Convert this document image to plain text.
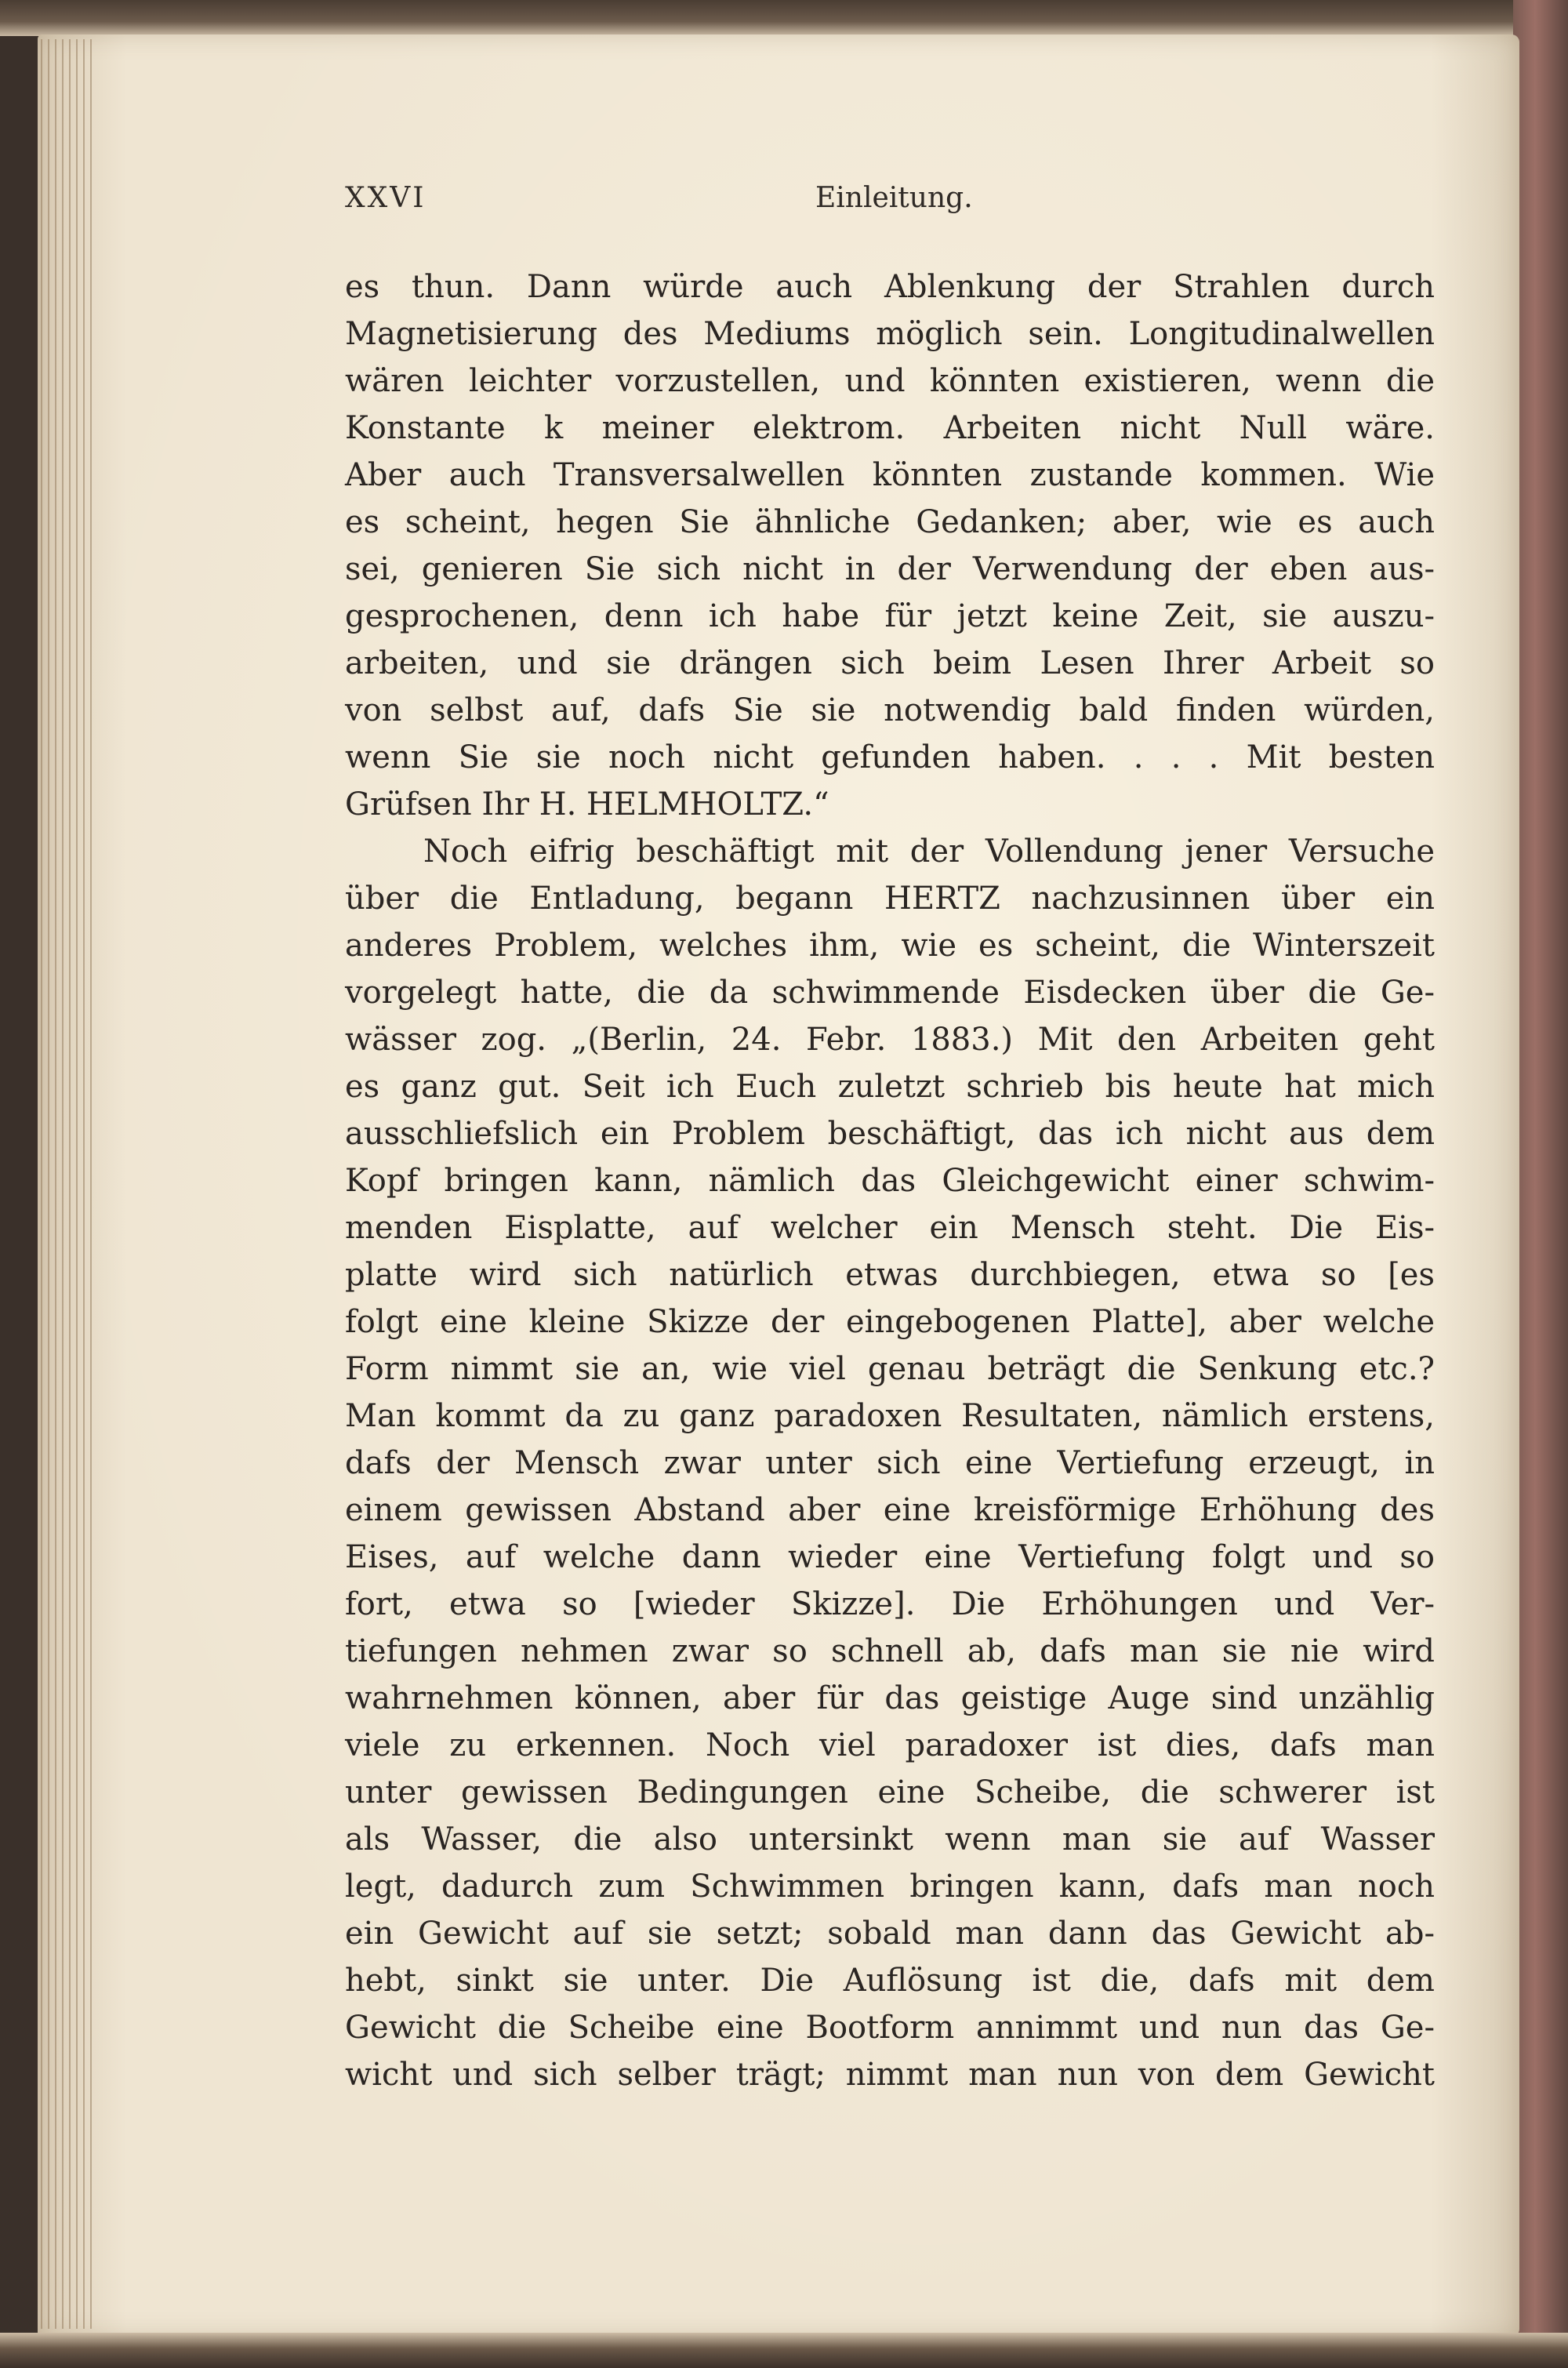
XXVI	Einleitung.
es thun. Dann würde auch Ablenkung der Strahlen durch
Magnetisierung des Mediums möglich sein. Longitudinalwellen
wären leichter vorzustellen, und könnten existieren, wenn die
Konstante k meiner elektrom. Arbeiten nicht Null wäre.
Aber auch Transversalwellen könnten zustande kommen. Wie
es scheint, hegen Sie ähnliche Gedanken; aber, wie es auch
sei, genieren Sie sich nicht in der Verwendung der eben aus-
gesprochenen, denn ich habe für jetzt keine Zeit, sie auszu-
arbeiten, und sie drängen sich beim Lesen Ihrer Arbeit so
von selbst auf, dafs Sie sie notwendig bald finden würden,
wenn Sie sie noch nicht gefunden haben. . . . Mit besten
Grüfsen Ihr H. HELMHOLTZ.“
Noch eifrig beschäftigt mit der Vollendung jener Versuche
über die Entladung, begann HERTZ nachzusinnen über ein
anderes Problem, welches ihm, wie es scheint, die Winterszeit
vorgelegt hatte, die da schwimmende Eisdecken über die Ge-
wässer zog. „(Berlin, 24. Febr. 1883.) Mit den Arbeiten geht
es ganz gut. Seit ich Euch zuletzt schrieb bis heute hat mich
ausschliefslich ein Problem beschäftigt, das ich nicht aus dem
Kopf bringen kann, nämlich das Gleichgewicht einer schwim-
menden Eisplatte, auf welcher ein Mensch steht. Die Eis-
platte wird sich natürlich etwas durchbiegen, etwa so [es
folgt eine kleine Skizze der eingebogenen Platte], aber welche
Form nimmt sie an, wie viel genau beträgt die Senkung etc.?
Man kommt da zu ganz paradoxen Resultaten, nämlich erstens,
dafs der Mensch zwar unter sich eine Vertiefung erzeugt, in
einem gewissen Abstand aber eine kreisförmige Erhöhung des
Eises, auf welche dann wieder eine Vertiefung folgt und so
fort, etwa so [wieder Skizze]. Die Erhöhungen und Ver-
tiefungen nehmen zwar so schnell ab, dafs man sie nie wird
wahrnehmen können, aber für das geistige Auge sind unzählig
viele zu erkennen. Noch viel paradoxer ist dies, dafs man
unter gewissen Bedingungen eine Scheibe, die schwerer ist
als Wasser, die also untersinkt wenn man sie auf Wasser
legt, dadurch zum Schwimmen bringen kann, dafs man noch
ein Gewicht auf sie setzt; sobald man dann das Gewicht ab-
hebt, sinkt sie unter. Die Auflösung ist die, dafs mit dem
Gewicht die Scheibe eine Bootform annimmt und nun das Ge-
wicht und sich selber trägt; nimmt man nun von dem Gewicht
